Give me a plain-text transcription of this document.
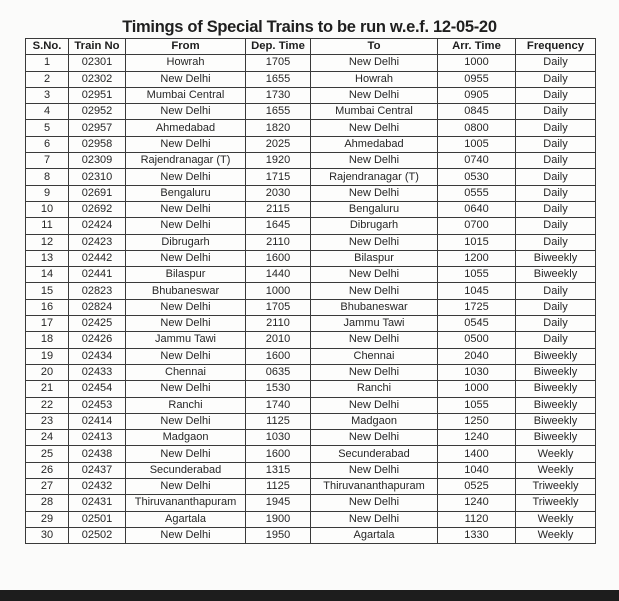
Timings of Special Trains to be run w.e.f. 12-05-20
S.No.	Train No	From	Dep. Time	To	Arr. Time	Frequency
1	02301	Howrah	1705	New Delhi	1000	Daily
2	02302	New Delhi	1655	Howrah	0955	Daily
3	02951	Mumbai Central	1730	New Delhi	0905	Daily
4	02952	New Delhi	1655	Mumbai Central	0845	Daily
5	02957	Ahmedabad	1820	New Delhi	0800	Daily
6	02958	New Delhi	2025	Ahmedabad	1005	Daily
7	02309	Rajendranagar (T)	1920	New Delhi	0740	Daily
8	02310	New Delhi	1715	Rajendranagar (T)	0530	Daily
9	02691	Bengaluru	2030	New Delhi	0555	Daily
10	02692	New Delhi	2115	Bengaluru	0640	Daily
11	02424	New Delhi	1645	Dibrugarh	0700	Daily
12	02423	Dibrugarh	2110	New Delhi	1015	Daily
13	02442	New Delhi	1600	Bilaspur	1200	Biweekly
14	02441	Bilaspur	1440	New Delhi	1055	Biweekly
15	02823	Bhubaneswar	1000	New Delhi	1045	Daily
16	02824	New Delhi	1705	Bhubaneswar	1725	Daily
17	02425	New Delhi	2110	Jammu Tawi	0545	Daily
18	02426	Jammu Tawi	2010	New Delhi	0500	Daily
19	02434	New Delhi	1600	Chennai	2040	Biweekly
20	02433	Chennai	0635	New Delhi	1030	Biweekly
21	02454	New Delhi	1530	Ranchi	1000	Biweekly
22	02453	Ranchi	1740	New Delhi	1055	Biweekly
23	02414	New Delhi	1125	Madgaon	1250	Biweekly
24	02413	Madgaon	1030	New Delhi	1240	Biweekly
25	02438	New Delhi	1600	Secunderabad	1400	Weekly
26	02437	Secunderabad	1315	New Delhi	1040	Weekly
27	02432	New Delhi	1125	Thiruvananthapuram	0525	Triweekly
28	02431	Thiruvananthapuram	1945	New Delhi	1240	Triweekly
29	02501	Agartala	1900	New Delhi	1120	Weekly
30	02502	New Delhi	1950	Agartala	1330	Weekly
